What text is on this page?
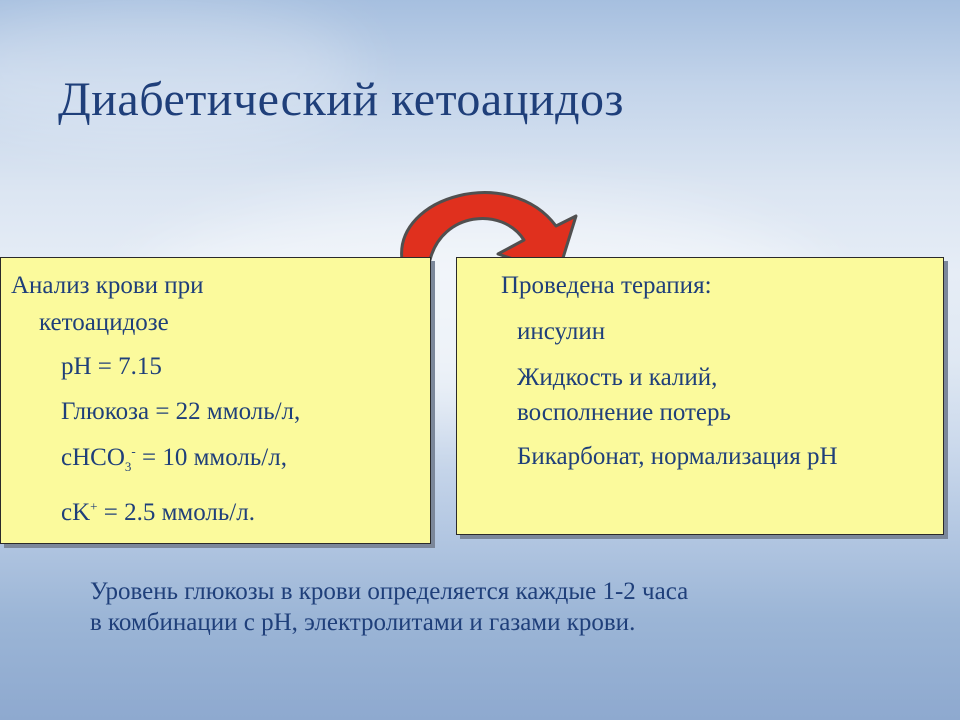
Диабетический кетоацидоз
Анализ крови при
кетоацидозе
pH = 7.15
Глюкоза = 22 ммоль/л,
cHCO$_3$- = 10 ммоль/л,
cK+ = 2.5 ммоль/л.
Проведена терапия:
инсулин
Жидкость и калий,
восполнение потерь
Бикарбонат, нормализация pH
Уровень глюкозы в крови определяется каждые 1-2 часа
в комбинации с pH, электролитами и газами крови.
